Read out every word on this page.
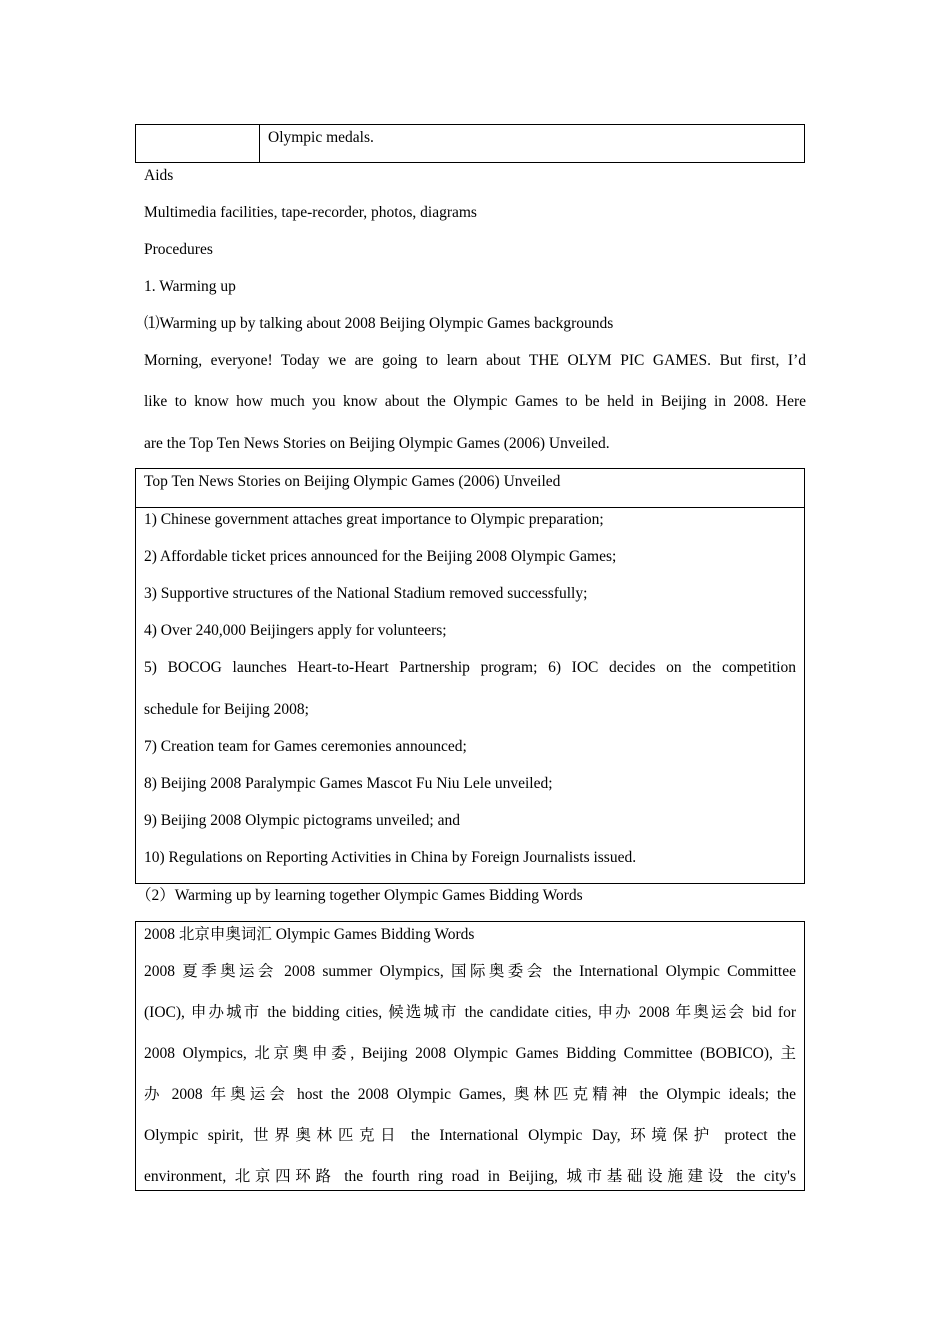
Olympic medals.
Aids
Multimedia facilities, tape-recorder, photos, diagrams
Procedures
1. Warming up
⑴Warming up by talking about 2008 Beijing Olympic Games backgrounds
Morning, everyone! Today we are going to learn about THE OLYM PIC GAMES. But first, I’d
like to know how much you know about the Olympic Games to be held in Beijing in 2008. Here
are the Top Ten News Stories on Beijing Olympic Games (2006) Unveiled.
Top Ten News Stories on Beijing Olympic Games (2006) Unveiled
1) Chinese government attaches great importance to Olympic preparation;
2) Affordable ticket prices announced for the Beijing 2008 Olympic Games;
3) Supportive structures of the National Stadium removed successfully;
4) Over 240,000 Beijingers apply for volunteers;
5) BOCOG launches Heart-to-Heart Partnership program; 6) IOC decides on the competition
schedule for Beijing 2008;
7) Creation team for Games ceremonies announced;
8) Beijing 2008 Paralympic Games Mascot Fu Niu Lele unveiled;
9) Beijing 2008 Olympic pictograms unveiled; and
10) Regulations on Reporting Activities in China by Foreign Journalists issued.
（2）Warming up by learning together Olympic Games Bidding Words
2008 北京申奥词汇 Olympic Games Bidding Words
2008 夏季奥运会 2008 summer Olympics, 国际奥委会 the International Olympic Committee
(IOC), 申办城市 the bidding cities, 候选城市 the candidate cities, 申办 2008 年奥运会 bid for
2008 Olympics, 北京奥申委, Beijing 2008 Olympic Games Bidding Committee (BOBICO), 主
办 2008 年奥运会 host the 2008 Olympic Games, 奥林匹克精神 the Olympic ideals; the
Olympic spirit, 世界奥林匹克日 the International Olympic Day, 环境保护 protect the
environment, 北京四环路 the fourth ring road in Beijing, 城市基础设施建设 the city's
